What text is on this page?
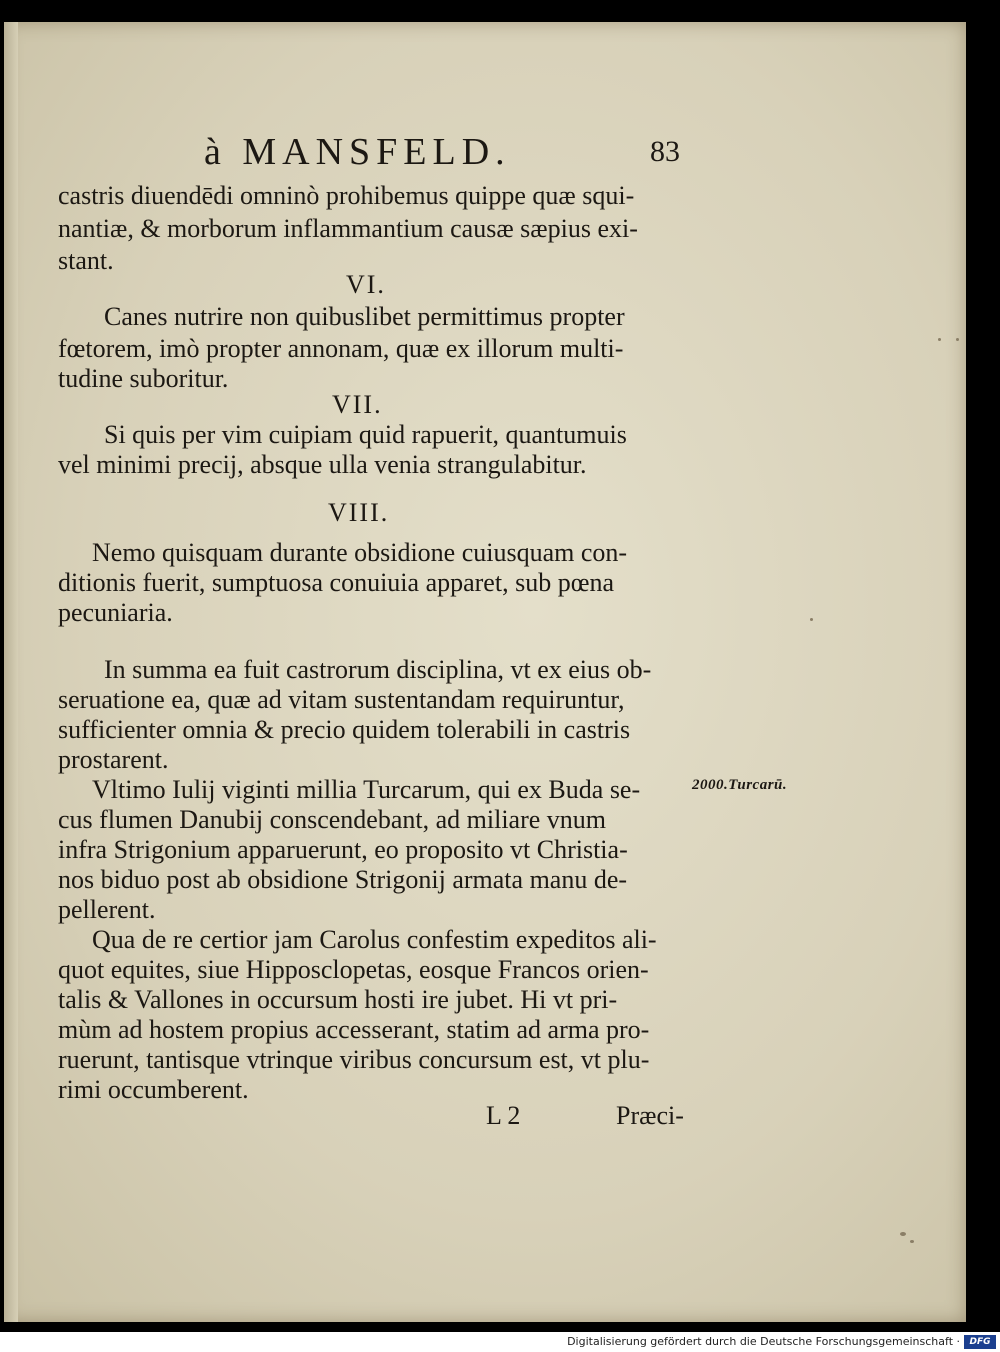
à MANSFELD.	83
castris diuendēdi omninò prohibemus quippe quæ squi-
nantiæ, & morborum inflammantium causæ sæpius exi-
stant.
VI.
Canes nutrire non quibuslibet permittimus propter
fœtorem, imò propter annonam, quæ ex illorum multi-
tudine suboritur.
VII.
Si quis per vim cuipiam quid rapuerit, quantumuis
vel minimi precij, absque ulla venia strangulabitur.
VIII.
Nemo quisquam durante obsidione cuiusquam con-
ditionis fuerit, sumptuosa conuiuia apparet, sub pœna
pecuniaria.
In summa ea fuit castrorum disciplina, vt ex eius ob-
seruatione ea, quæ ad vitam sustentandam requiruntur,
sufficienter omnia & precio quidem tolerabili in castris
prostarent.
Vltimo Iulij viginti millia Turcarum, qui ex Buda se-	2000.Turcarū.
cus flumen Danubij conscendebant, ad miliare vnum
infra Strigonium apparuerunt, eo proposito vt Christia-
nos biduo post ab obsidione Strigonij armata manu de-
pellerent.
Qua de re certior jam Carolus confestim expeditos ali-
quot equites, siue Hipposclopetas, eosque Francos orien-
talis & Vallones in occursum hosti ire jubet. Hi vt pri-
mùm ad hostem propius accesserant, statim ad arma pro-
ruerunt, tantisque vtrinque viribus concursum est, vt plu-
rimi occumberent.
L 2	Præci-
Digitalisierung gefördert durch die Deutsche Forschungsgemeinschaft ·	DFG
